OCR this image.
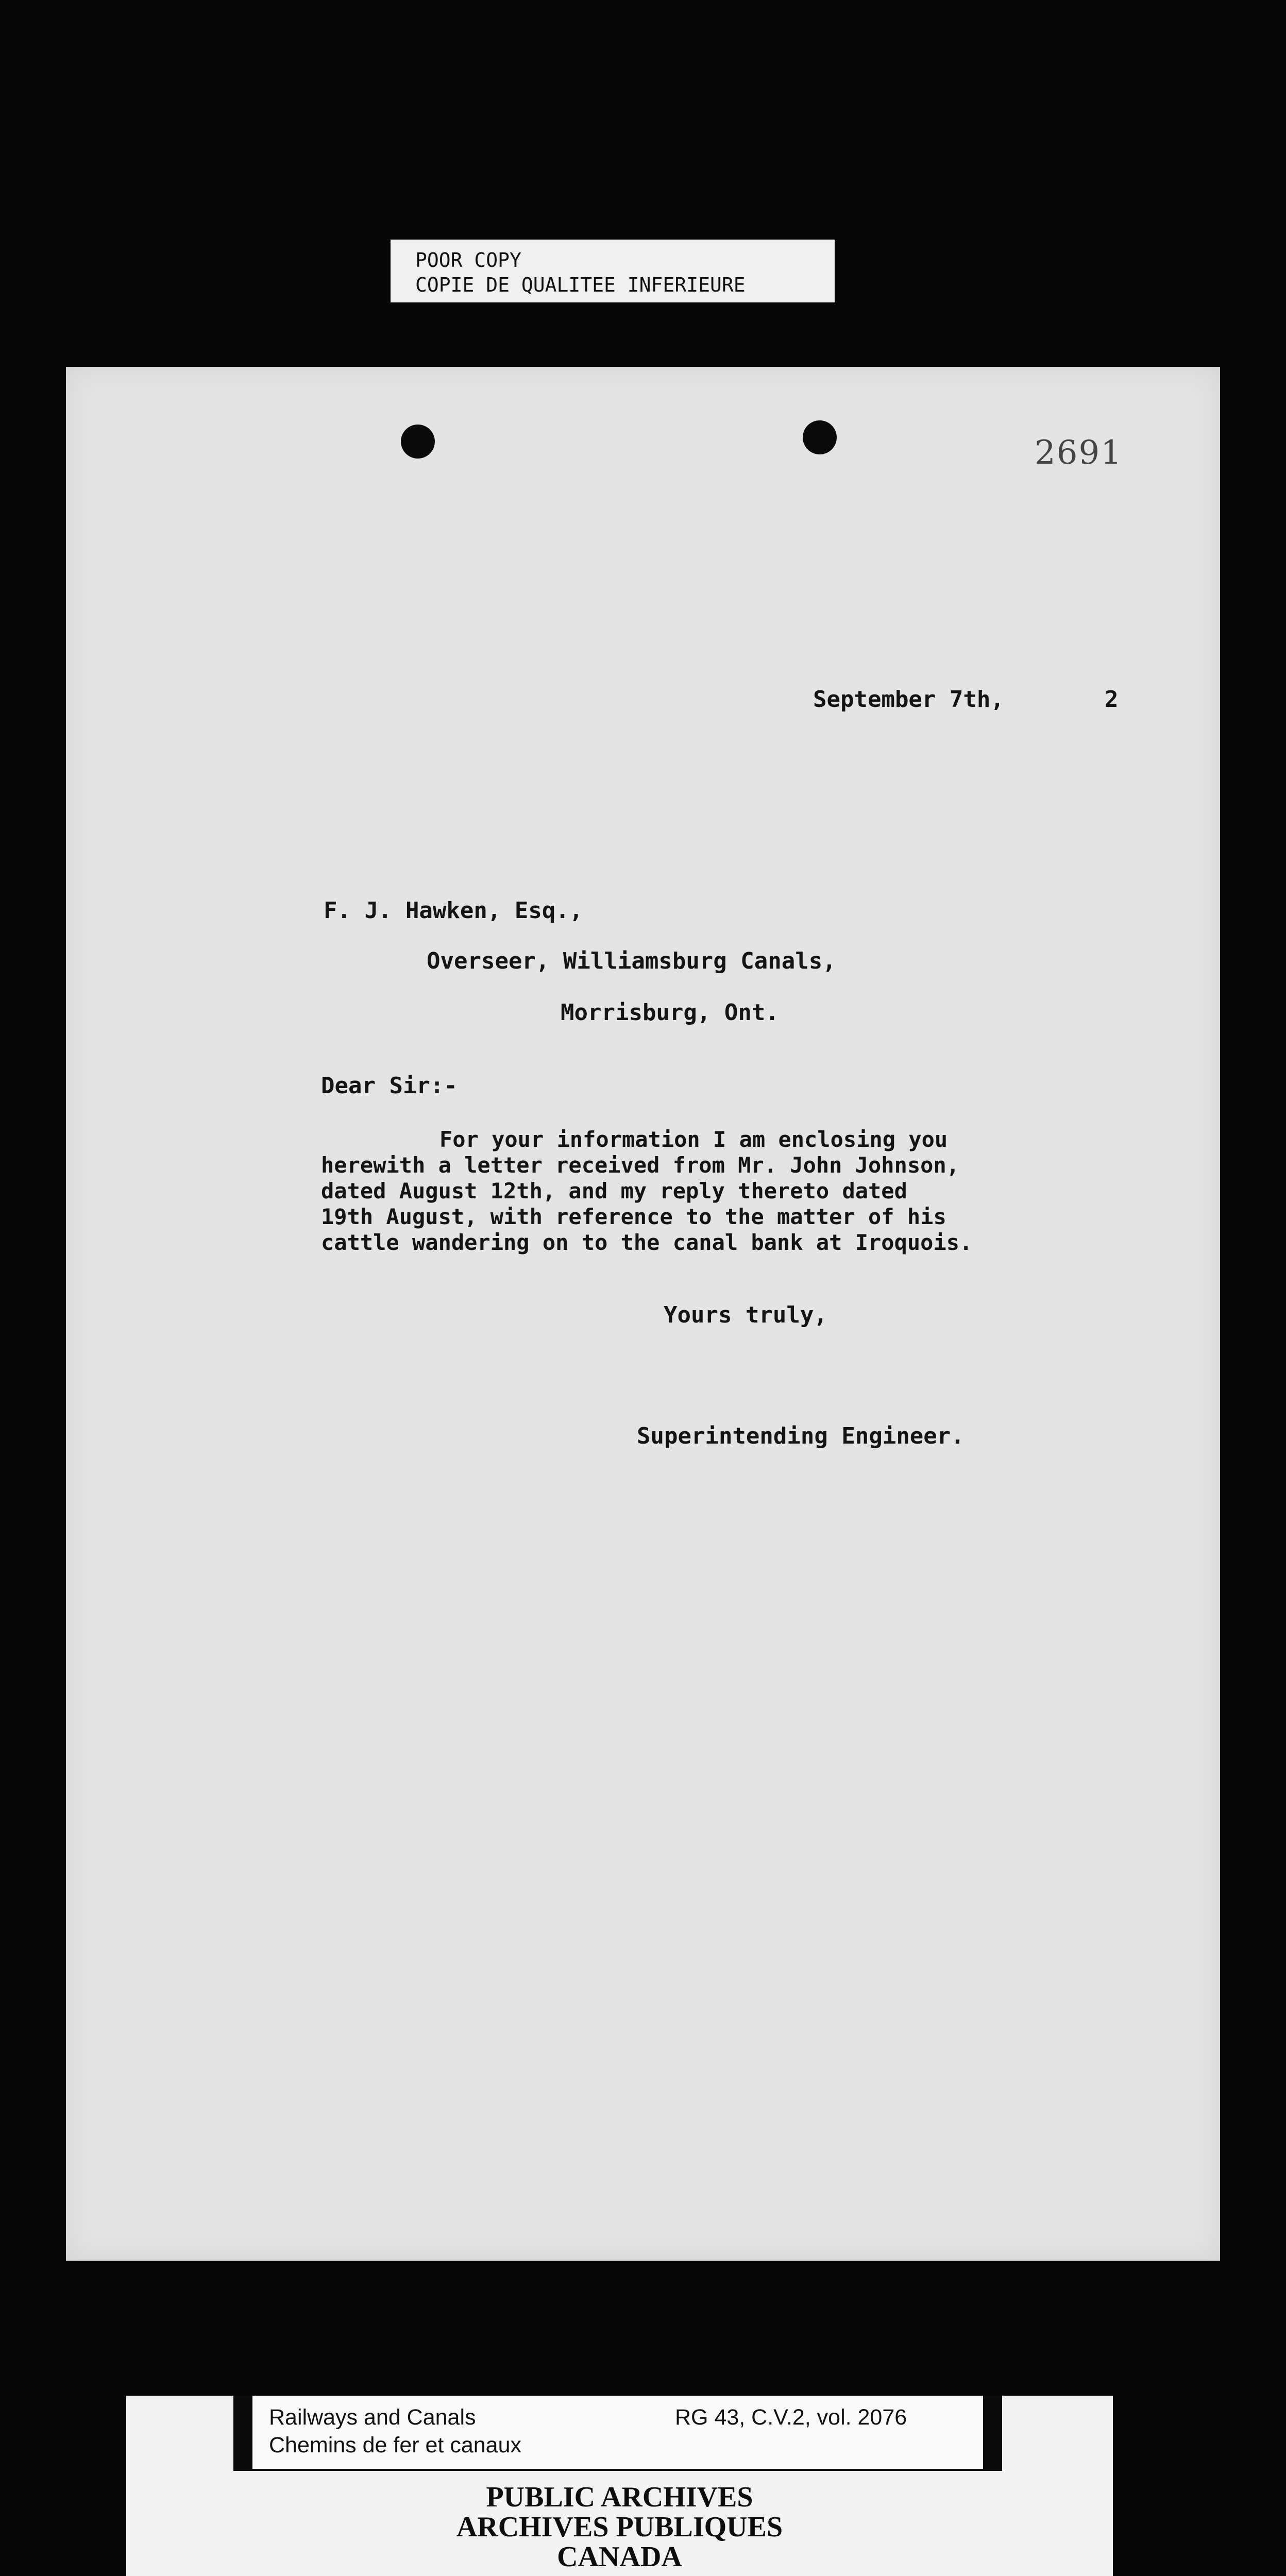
POOR COPY
COPIE DE QUALITEE INFERIEURE
2691
September 7th,	2
F. J. Hawken, Esq.,
Overseer, Williamsburg Canals,
Morrisburg, Ont.
Dear Sir:-
For your information I am enclosing you
herewith a letter received from Mr. John Johnson,
dated August 12th, and my reply thereto dated
19th August, with reference to the matter of his
cattle wandering on to the canal bank at Iroquois.
Yours truly,
Superintending Engineer.
Railways and Canals
Chemins de fer et canaux
RG 43, C.V.2, vol. 2076
PUBLIC ARCHIVES
ARCHIVES PUBLIQUES
CANADA
